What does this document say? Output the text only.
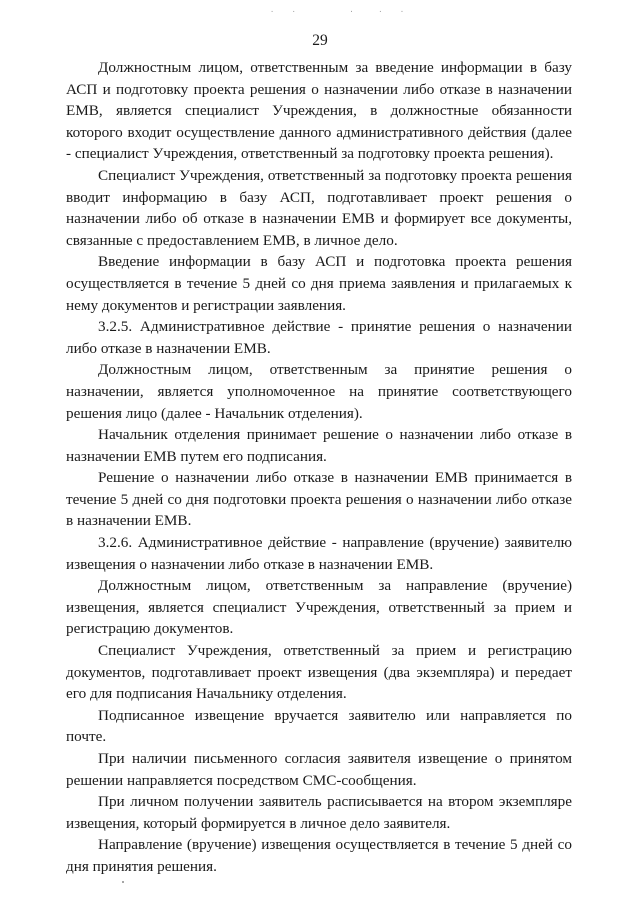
·  ·       ·   ·  ·
29

Должностным лицом, ответственным за введение информации в базу АСП и подготовку проекта решения о назначении либо отказе в назначении ЕМВ, является специалист Учреждения, в должностные обязанности которого входит осуществление данного административного действия (далее - специалист Учреждения, ответственный за подготовку проекта решения).

Специалист Учреждения, ответственный за подготовку проекта решения вводит информацию в базу АСП, подготавливает проект решения о назначении либо об отказе в назначении ЕМВ и формирует все документы, связанные с предоставлением ЕМВ, в личное дело.

Введение информации в базу АСП и подготовка проекта решения осуществляется в течение 5 дней со дня приема заявления и прилагаемых к нему документов и регистрации заявления.

3.2.5. Административное действие - принятие решения о назначении либо отказе в назначении ЕМВ.

Должностным лицом, ответственным за принятие решения о назначении, является уполномоченное на принятие соответствующего решения лицо (далее - Начальник отделения).

Начальник отделения принимает решение о назначении либо отказе в назначении ЕМВ путем его подписания.

Решение о назначении либо отказе в назначении ЕМВ принимается в течение 5 дней со дня подготовки проекта решения о назначении либо отказе в назначении ЕМВ.

3.2.6. Административное действие - направление (вручение) заявителю извещения о назначении либо отказе в назначении ЕМВ.

Должностным лицом, ответственным за направление (вручение) извещения, является специалист Учреждения, ответственный за прием и регистрацию документов.

Специалист Учреждения, ответственный за прием и регистрацию документов, подготавливает проект извещения (два экземпляра) и передает его для подписания Начальнику отделения.

Подписанное извещение вручается заявителю или направляется по почте.

При наличии письменного согласия заявителя извещение о принятом решении направляется посредством СМС-сообщения.

При личном получении заявитель расписывается на втором экземпляре извещения, который формируется в личное дело заявителя.

Направление (вручение) извещения осуществляется в течение 5 дней со дня принятия решения.
